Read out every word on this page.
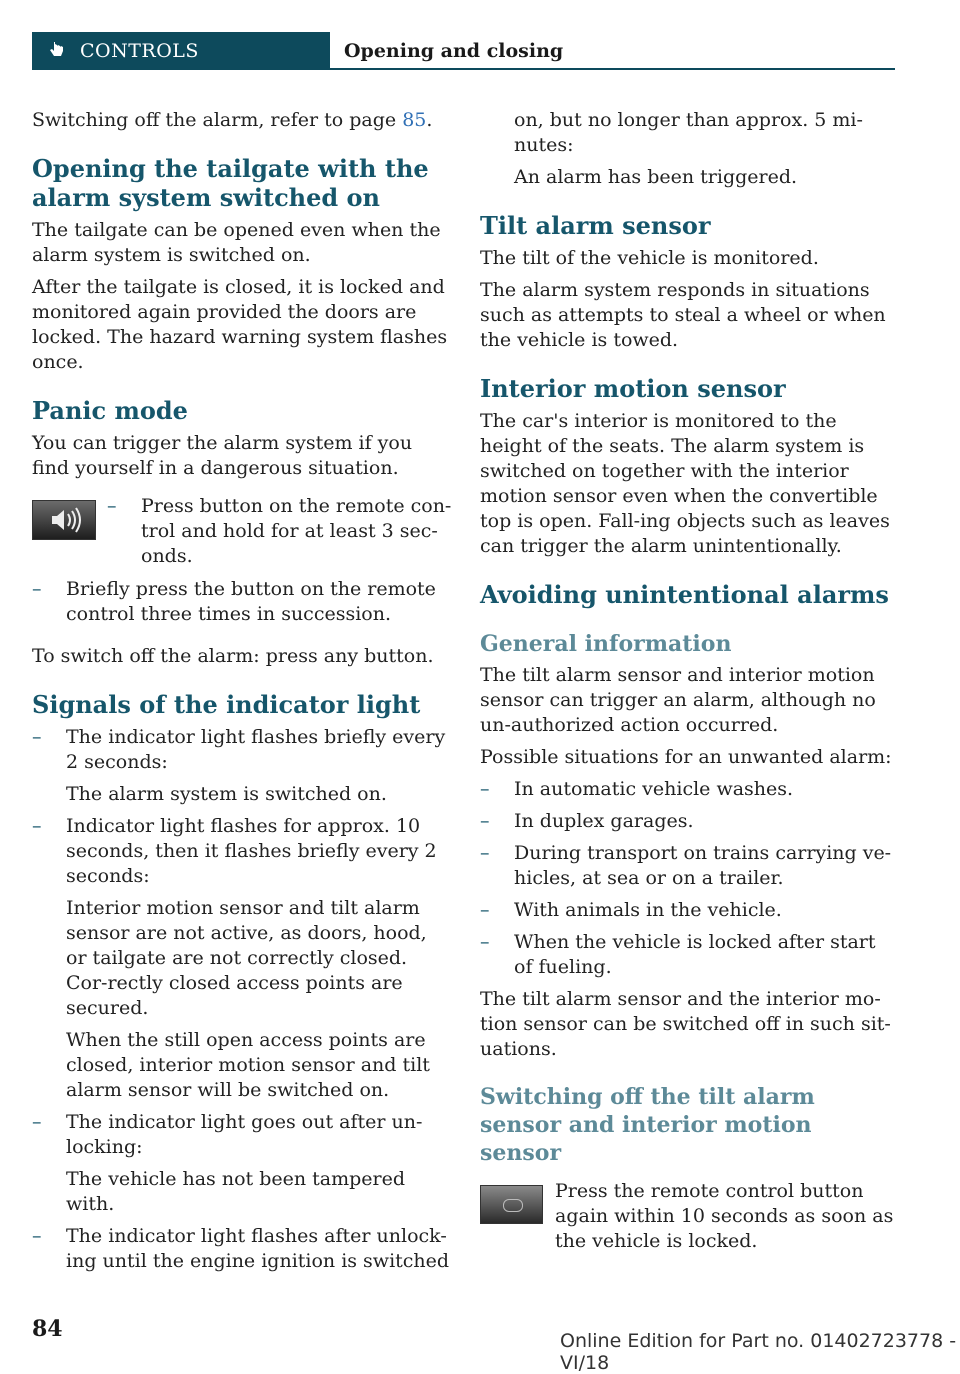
CONTROLS	Opening and closing

Switching off the alarm, refer to page 85.

Opening the tailgate with the alarm system switched on

The tailgate can be opened even when the alarm system is switched on.

After the tailgate is closed, it is locked and monitored again provided the doors are locked. The hazard warning system flashes once.

Panic mode

You can trigger the alarm system if you find yourself in a dangerous situation.

– Press button on the remote con-trol and hold for at least 3 sec-onds.
– Briefly press the button on the remote control three times in succession.

To switch off the alarm: press any button.

Signals of the indicator light
– The indicator light flashes briefly every 2 seconds:

The alarm system is switched on.

– Indicator light flashes for approx. 10 seconds, then it flashes briefly every 2 seconds:

Interior motion sensor and tilt alarm sensor are not active, as doors, hood, or tailgate are not correctly closed. Cor-rectly closed access points are secured.

When the still open access points are closed, interior motion sensor and tilt alarm sensor will be switched on.

– The indicator light goes out after un-locking:

The vehicle has not been tampered with.

– The indicator light flashes after unlock-ing until the engine ignition is switched

on, but no longer than approx. 5 mi-nutes:

An alarm has been triggered.

Tilt alarm sensor

The tilt of the vehicle is monitored.

The alarm system responds in situations such as attempts to steal a wheel or when the vehicle is towed.

Interior motion sensor

The car's interior is monitored to the height of the seats. The alarm system is switched on together with the interior motion sensor even when the convertible top is open. Fall-ing objects such as leaves can trigger the alarm unintentionally.

Avoiding unintentional alarms
General information

The tilt alarm sensor and interior motion sensor can trigger an alarm, although no un-authorized action occurred.

Possible situations for an unwanted alarm:

– In automatic vehicle washes.
– In duplex garages.
– During transport on trains carrying ve-hicles, at sea or on a trailer.
– With animals in the vehicle.
– When the vehicle is locked after start of fueling.

The tilt alarm sensor and the interior mo-tion sensor can be switched off in such sit-uations.

Switching off the tilt alarm sensor and interior motion sensor

Press the remote control button again within 10 seconds as soon as the vehicle is locked.

84	Online Edition for Part no. 01402723778 - VI/18
